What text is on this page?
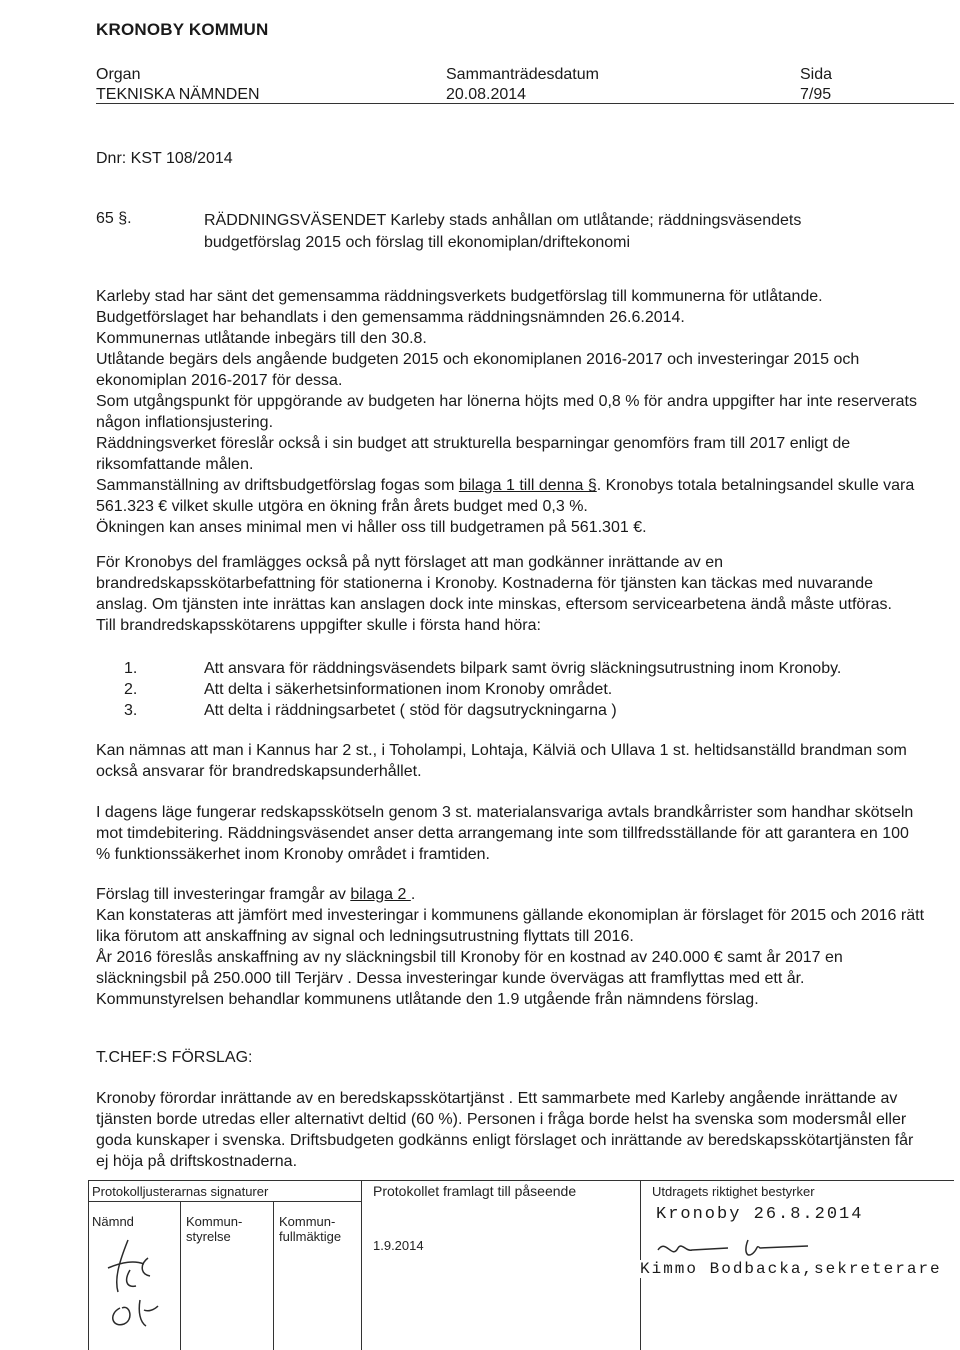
KRONOBY KOMMUN
Organ
TEKNISKA NÄMNDEN
Sammanträdesdatum
20.08.2014
Sida
7/95
Dnr: KST 108/2014
65 §.	RÄDDNINGSVÄSENDET Karleby stads anhållan om utlåtande; räddningsväsendets budgetförslag 2015 och förslag till ekonomiplan/driftekonomi
Karleby stad har sänt det gemensamma räddningsverkets budgetförslag till kommunerna för utlåtande.
Budgetförslaget har behandlats i den gemensamma räddningsnämnden 26.6.2014.
Kommunernas utlåtande inbegärs till den 30.8.
Utlåtande begärs dels angående budgeten 2015 och ekonomiplanen 2016-2017 och investeringar 2015 och ekonomiplan 2016-2017 för dessa.
Som utgångspunkt för uppgörande av budgeten har lönerna höjts med 0,8 % för andra uppgifter har inte reserverats någon inflationsjustering.
Räddningsverket föreslår också i sin budget att strukturella besparningar genomförs fram till 2017 enligt de riksomfattande målen.
Sammanställning av driftsbudgetförslag fogas som bilaga 1 till denna §. Kronobys totala betalningsandel skulle vara 561.323 € vilket skulle utgöra en ökning från årets budget med 0,3 %.
Ökningen kan anses minimal men vi håller oss till budgetramen på 561.301 €.
För Kronobys del framlägges också på nytt förslaget att man godkänner inrättande av en brandredskapsskötarbefattning för stationerna i Kronoby. Kostnaderna för tjänsten kan täckas med nuvarande anslag. Om tjänsten inte inrättas kan anslagen dock inte minskas, eftersom servicearbetena ändå måste utföras.
Till brandredskapsskötarens uppgifter skulle i första hand höra:
1.	Att ansvara för räddningsväsendets bilpark samt övrig släckningsutrustning inom Kronoby.
2.	Att delta i säkerhetsinformationen inom Kronoby området.
3.	Att delta i räddningsarbetet ( stöd för dagsutryckningarna )
Kan nämnas att man i Kannus har 2 st., i Toholampi, Lohtaja, Kälviä och Ullava 1 st. heltidsanställd brandman som också ansvarar för brandredskapsunderhållet.
I dagens läge fungerar redskapsskötseln genom 3 st. materialansvariga avtals brandkårrister som handhar skötseln mot timdebitering. Räddningsväsendet anser detta arrangemang inte som tillfredsställande för att garantera en 100 % funktionssäkerhet inom Kronoby området i framtiden.
Förslag till investeringar framgår av bilaga 2 .
Kan konstateras att jämfört med investeringar i kommunens gällande ekonomiplan är förslaget för 2015 och 2016 rätt lika förutom att anskaffning av signal och ledningsutrustning flyttats till 2016.
År 2016 föreslås anskaffning av ny släckningsbil till Kronoby för en kostnad av 240.000 € samt år 2017 en släckningsbil på 250.000 till Terjärv . Dessa investeringar kunde övervägas att framflyttas med ett år.
Kommunstyrelsen behandlar kommunens utlåtande den 1.9 utgående från nämndens förslag.
T.CHEF:S FÖRSLAG:
Kronoby förordar inrättande av en beredskapsskötartjänst . Ett sammarbete med Karleby angående inrättande av tjänsten borde utredas eller alternativt deltid (60 %). Personen i fråga borde helst ha svenska som modersmål eller goda kunskaper i svenska. Driftsbudgeten godkänns enligt förslaget och inrättande av beredskapsskötartjänsten får ej höja på driftskostnaderna.
Protokolljusterarnas signaturer
Nämnd	Kommun-
styrelse
Kommun-
fullmäktige
Protokollet framlagt till påseende
1.9.2014
Utdragets riktighet bestyrker
Kronoby 26.8.2014
Kimmo Bodbacka,sekreterare
